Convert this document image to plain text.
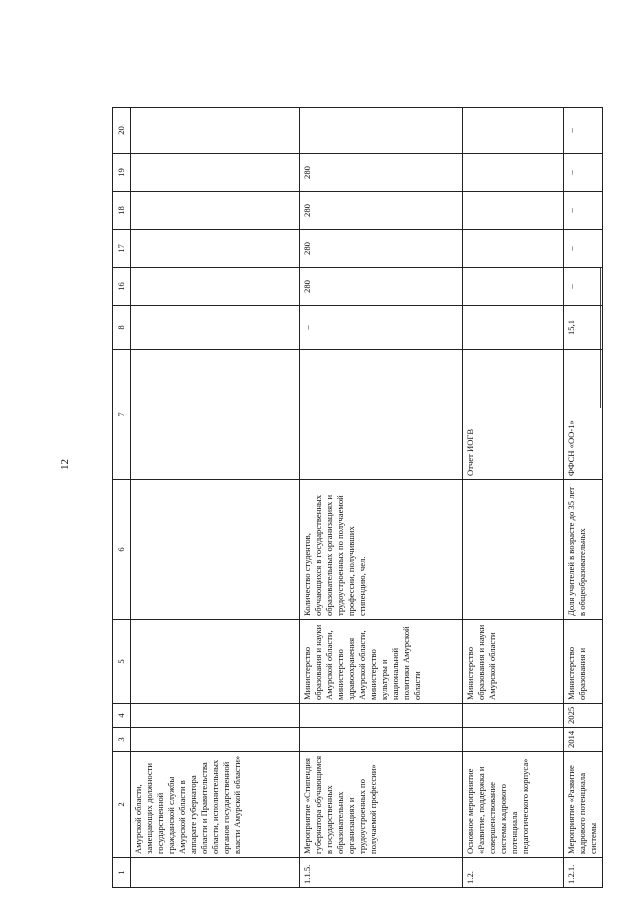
12
1	2	3	4	5	6	7	8	16	17	18	19	20
	Амурской области, замещающих должности государственной гражданской службы Амурской области в аппарате губернатора области и Правительства области, исполнительных органов государственной власти Амурской области»											
1.1.5.	Мероприятие «Стипендия губернатора обучающимся в государственных образовательных организациях и трудоустроенных по получаемой профессии»			Министерство образования и науки Амурской области, министерство здравоохранения Амурской области, министерство культуры и национальной политики Амурской области	Количество студентов, обучающихся в государственных образовательных организациях и трудоустроенных по получаемой профессии, получивших стипендию, чел.		–	280	280	280	280	
1.2.	Основное мероприятие «Развитие, поддержка и совершенствование системы кадрового потенциала педагогического корпуса»			Министерство образования и науки Амурской области		Отчет ИОГВ						
1.2.1.	Мероприятие «Развитие кадрового потенциала системы	2014	2025	Министерство образования и	Доля учителей в возрасте до 35 лет в общеобразовательных	ФФСН «ОО-1»	15,1	–	–	–	–	–
